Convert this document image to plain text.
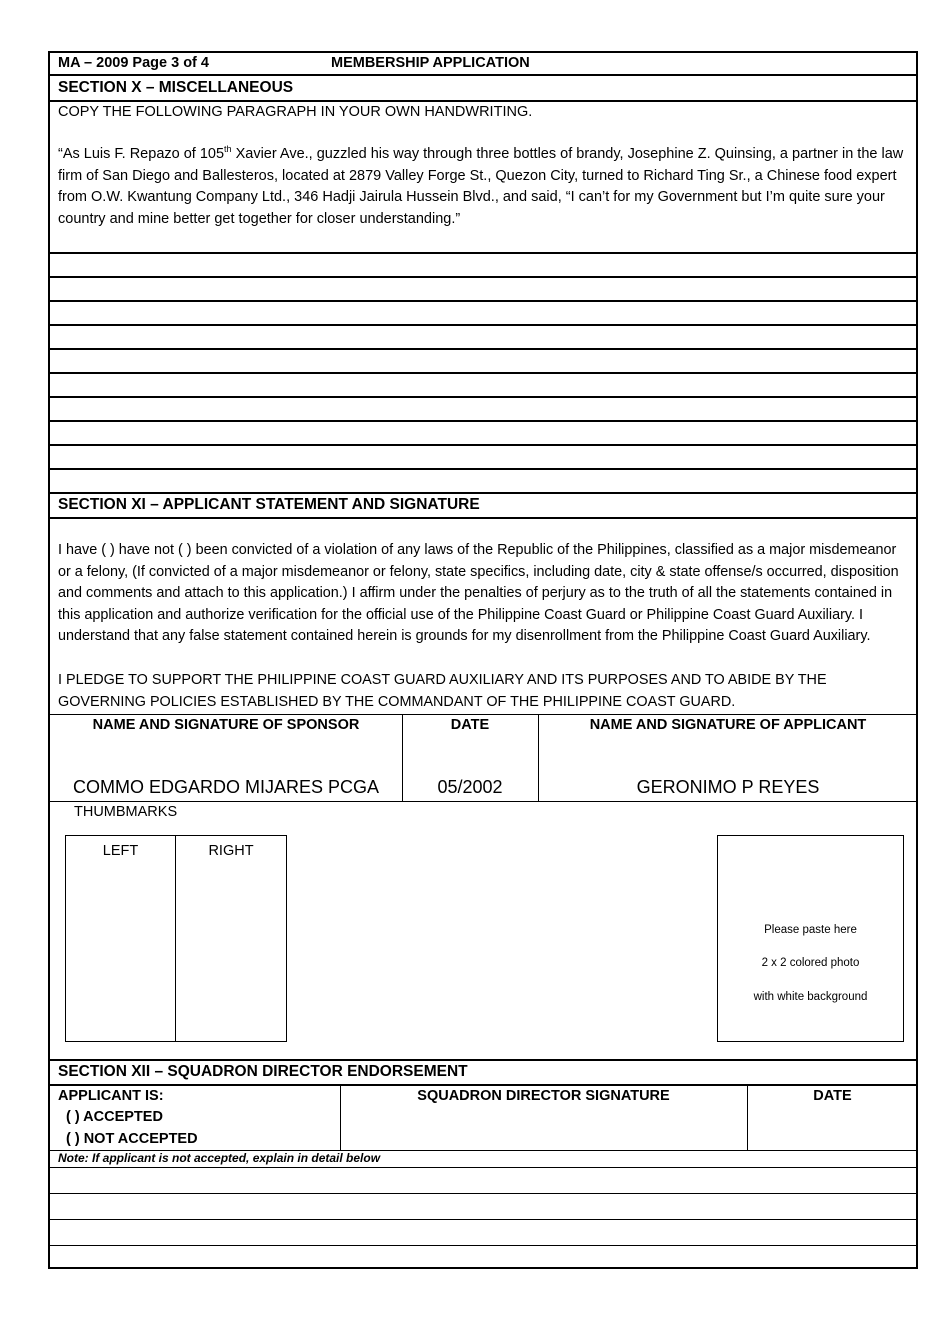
MA – 2009 Page 3 of 4	MEMBERSHIP APPLICATION
SECTION X – MISCELLANEOUS
COPY THE FOLLOWING PARAGRAPH IN YOUR OWN HANDWRITING.
“As Luis F. Repazo of 105th Xavier Ave., guzzled his way through three bottles of brandy, Josephine Z. Quinsing, a partner in the law firm of San Diego and Ballesteros, located at 2879 Valley Forge St., Quezon City, turned to Richard Ting Sr., a Chinese food expert from O.W. Kwantung Company Ltd., 346 Hadji Jairula Hussein Blvd., and said, “I can’t for my Government but I’m quite sure your country and mine better get together for closer understanding.”
SECTION XI – APPLICANT STATEMENT AND SIGNATURE
I have ( ) have not ( ) been convicted of a violation of any laws of the Republic of the Philippines, classified as a major misdemeanor or a felony, (If convicted of a major misdemeanor or felony, state specifics, including date, city & state offense/s occurred, disposition and comments and attach to this application.) I affirm under the penalties of perjury as to the truth of all the statements contained in this application and authorize verification for the official use of the Philippine Coast Guard or Philippine Coast Guard Auxiliary. I understand that any false statement contained herein is grounds for my disenrollment from the Philippine Coast Guard Auxiliary.
I PLEDGE TO SUPPORT THE PHILIPPINE COAST GUARD AUXILIARY AND ITS PURPOSES AND TO ABIDE BY THE GOVERNING POLICIES ESTABLISHED BY THE COMMANDANT OF THE PHILIPPINE COAST GUARD.
NAME AND SIGNATURE OF SPONSOR	DATE	NAME AND SIGNATURE OF APPLICANT
COMMO EDGARDO MIJARES PCGA	05/2002	GERONIMO P REYES
THUMBMARKS
LEFT	RIGHT
Please paste here
2 x 2 colored photo
with white background
SECTION XII – SQUADRON DIRECTOR ENDORSEMENT
APPLICANT IS:
( ) ACCEPTED
( ) NOT ACCEPTED
SQUADRON DIRECTOR SIGNATURE	DATE
Note: If applicant is not accepted, explain in detail below
